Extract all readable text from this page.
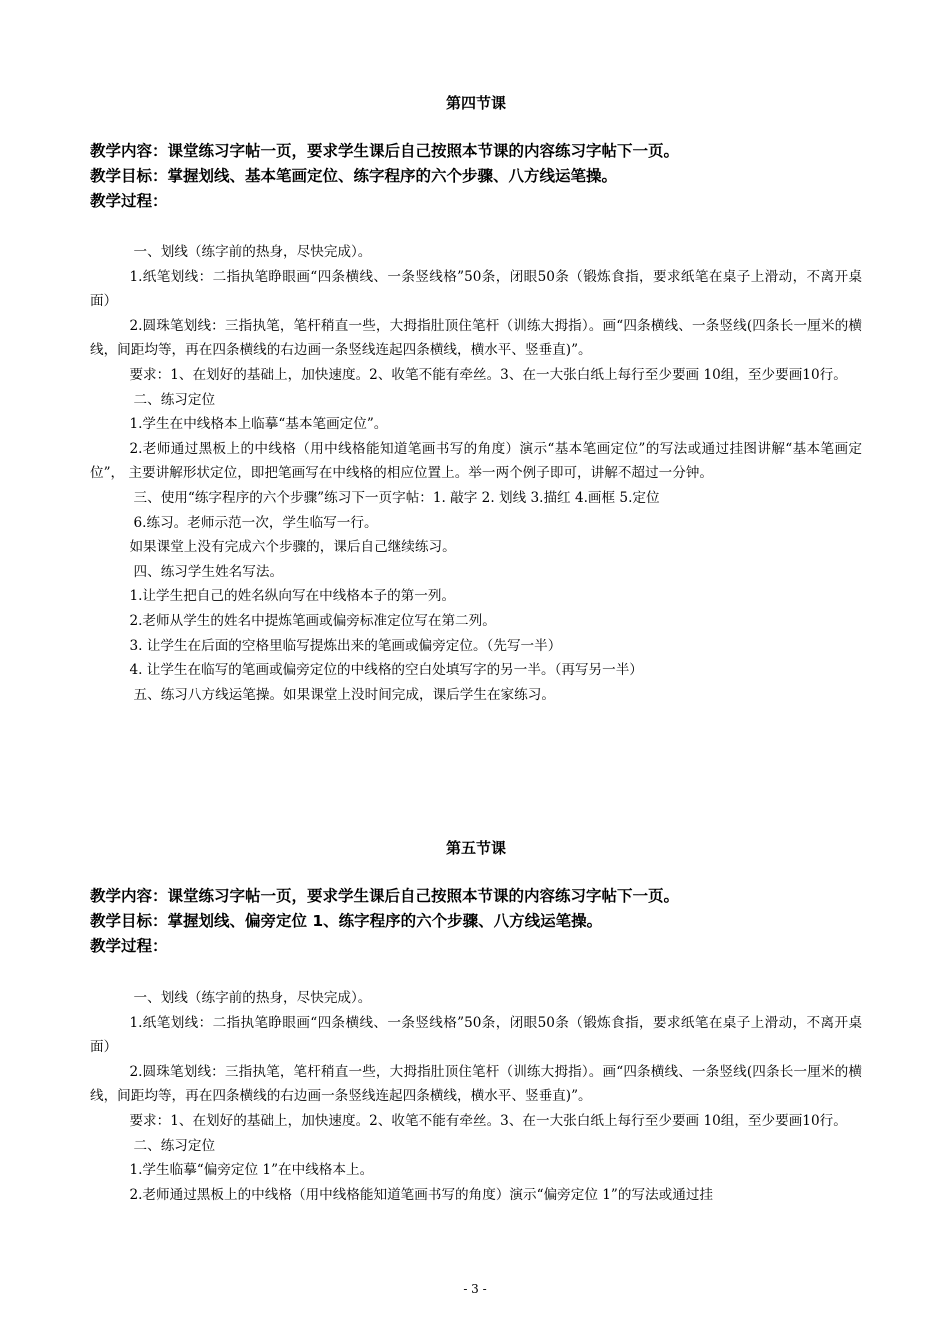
第四节课
教学内容：课堂练习字帖一页，要求学生课后自己按照本节课的内容练习字帖下一页。
教学目标：掌握划线、基本笔画定位、练字程序的六个步骤、八方线运笔操。
教学过程：

一、划线（练字前的热身，尽快完成）。

1.纸笔划线：二指执笔睁眼画“四条横线、一条竖线格”50条，闭眼50条（锻炼食指，要求纸笔在桌子上滑动，不离开桌面）

2.圆珠笔划线：三指执笔，笔杆稍直一些，大拇指肚顶住笔杆（训练大拇指）。画“四条横线、一条竖线(四条长一厘米的横线，间距均等，再在四条横线的右边画一条竖线连起四条横线，横水平、竖垂直)”。

要求：1、在划好的基础上，加快速度。2、收笔不能有牵丝。3、在一大张白纸上每行至少要画 10组，至少要画10行。

二、练习定位

1.学生在中线格本上临摹“基本笔画定位”。

2.老师通过黑板上的中线格（用中线格能知道笔画书写的角度）演示“基本笔画定位”的写法或通过挂图讲解“基本笔画定位”， 主要讲解形状定位，即把笔画写在中线格的相应位置上。举一两个例子即可，讲解不超过一分钟。

三、使用“练字程序的六个步骤”练习下一页字帖：1. 敲字 2. 划线 3.描红 4.画框 5.定位

6.练习。老师示范一次，学生临写一行。

如果课堂上没有完成六个步骤的，课后自己继续练习。

四、练习学生姓名写法。

1.让学生把自己的姓名纵向写在中线格本子的第一列。

2.老师从学生的姓名中提炼笔画或偏旁标准定位写在第二列。

3. 让学生在后面的空格里临写提炼出来的笔画或偏旁定位。（先写一半）

4. 让学生在临写的笔画或偏旁定位的中线格的空白处填写字的另一半。（再写另一半）

五、练习八方线运笔操。如果课堂上没时间完成，课后学生在家练习。

第五节课
教学内容：课堂练习字帖一页，要求学生课后自己按照本节课的内容练习字帖下一页。
教学目标：掌握划线、偏旁定位 1、练字程序的六个步骤、八方线运笔操。
教学过程：

一、划线（练字前的热身，尽快完成）。

1.纸笔划线：二指执笔睁眼画“四条横线、一条竖线格”50条，闭眼50条（锻炼食指，要求纸笔在桌子上滑动，不离开桌面）

2.圆珠笔划线：三指执笔，笔杆稍直一些，大拇指肚顶住笔杆（训练大拇指）。画“四条横线、一条竖线(四条长一厘米的横线，间距均等，再在四条横线的右边画一条竖线连起四条横线，横水平、竖垂直)”。

要求：1、在划好的基础上，加快速度。2、收笔不能有牵丝。3、在一大张白纸上每行至少要画 10组，至少要画10行。

二、练习定位

1.学生临摹“偏旁定位 1”在中线格本上。

2.老师通过黑板上的中线格（用中线格能知道笔画书写的角度）演示“偏旁定位 1”的写法或通过挂

- 3 -
